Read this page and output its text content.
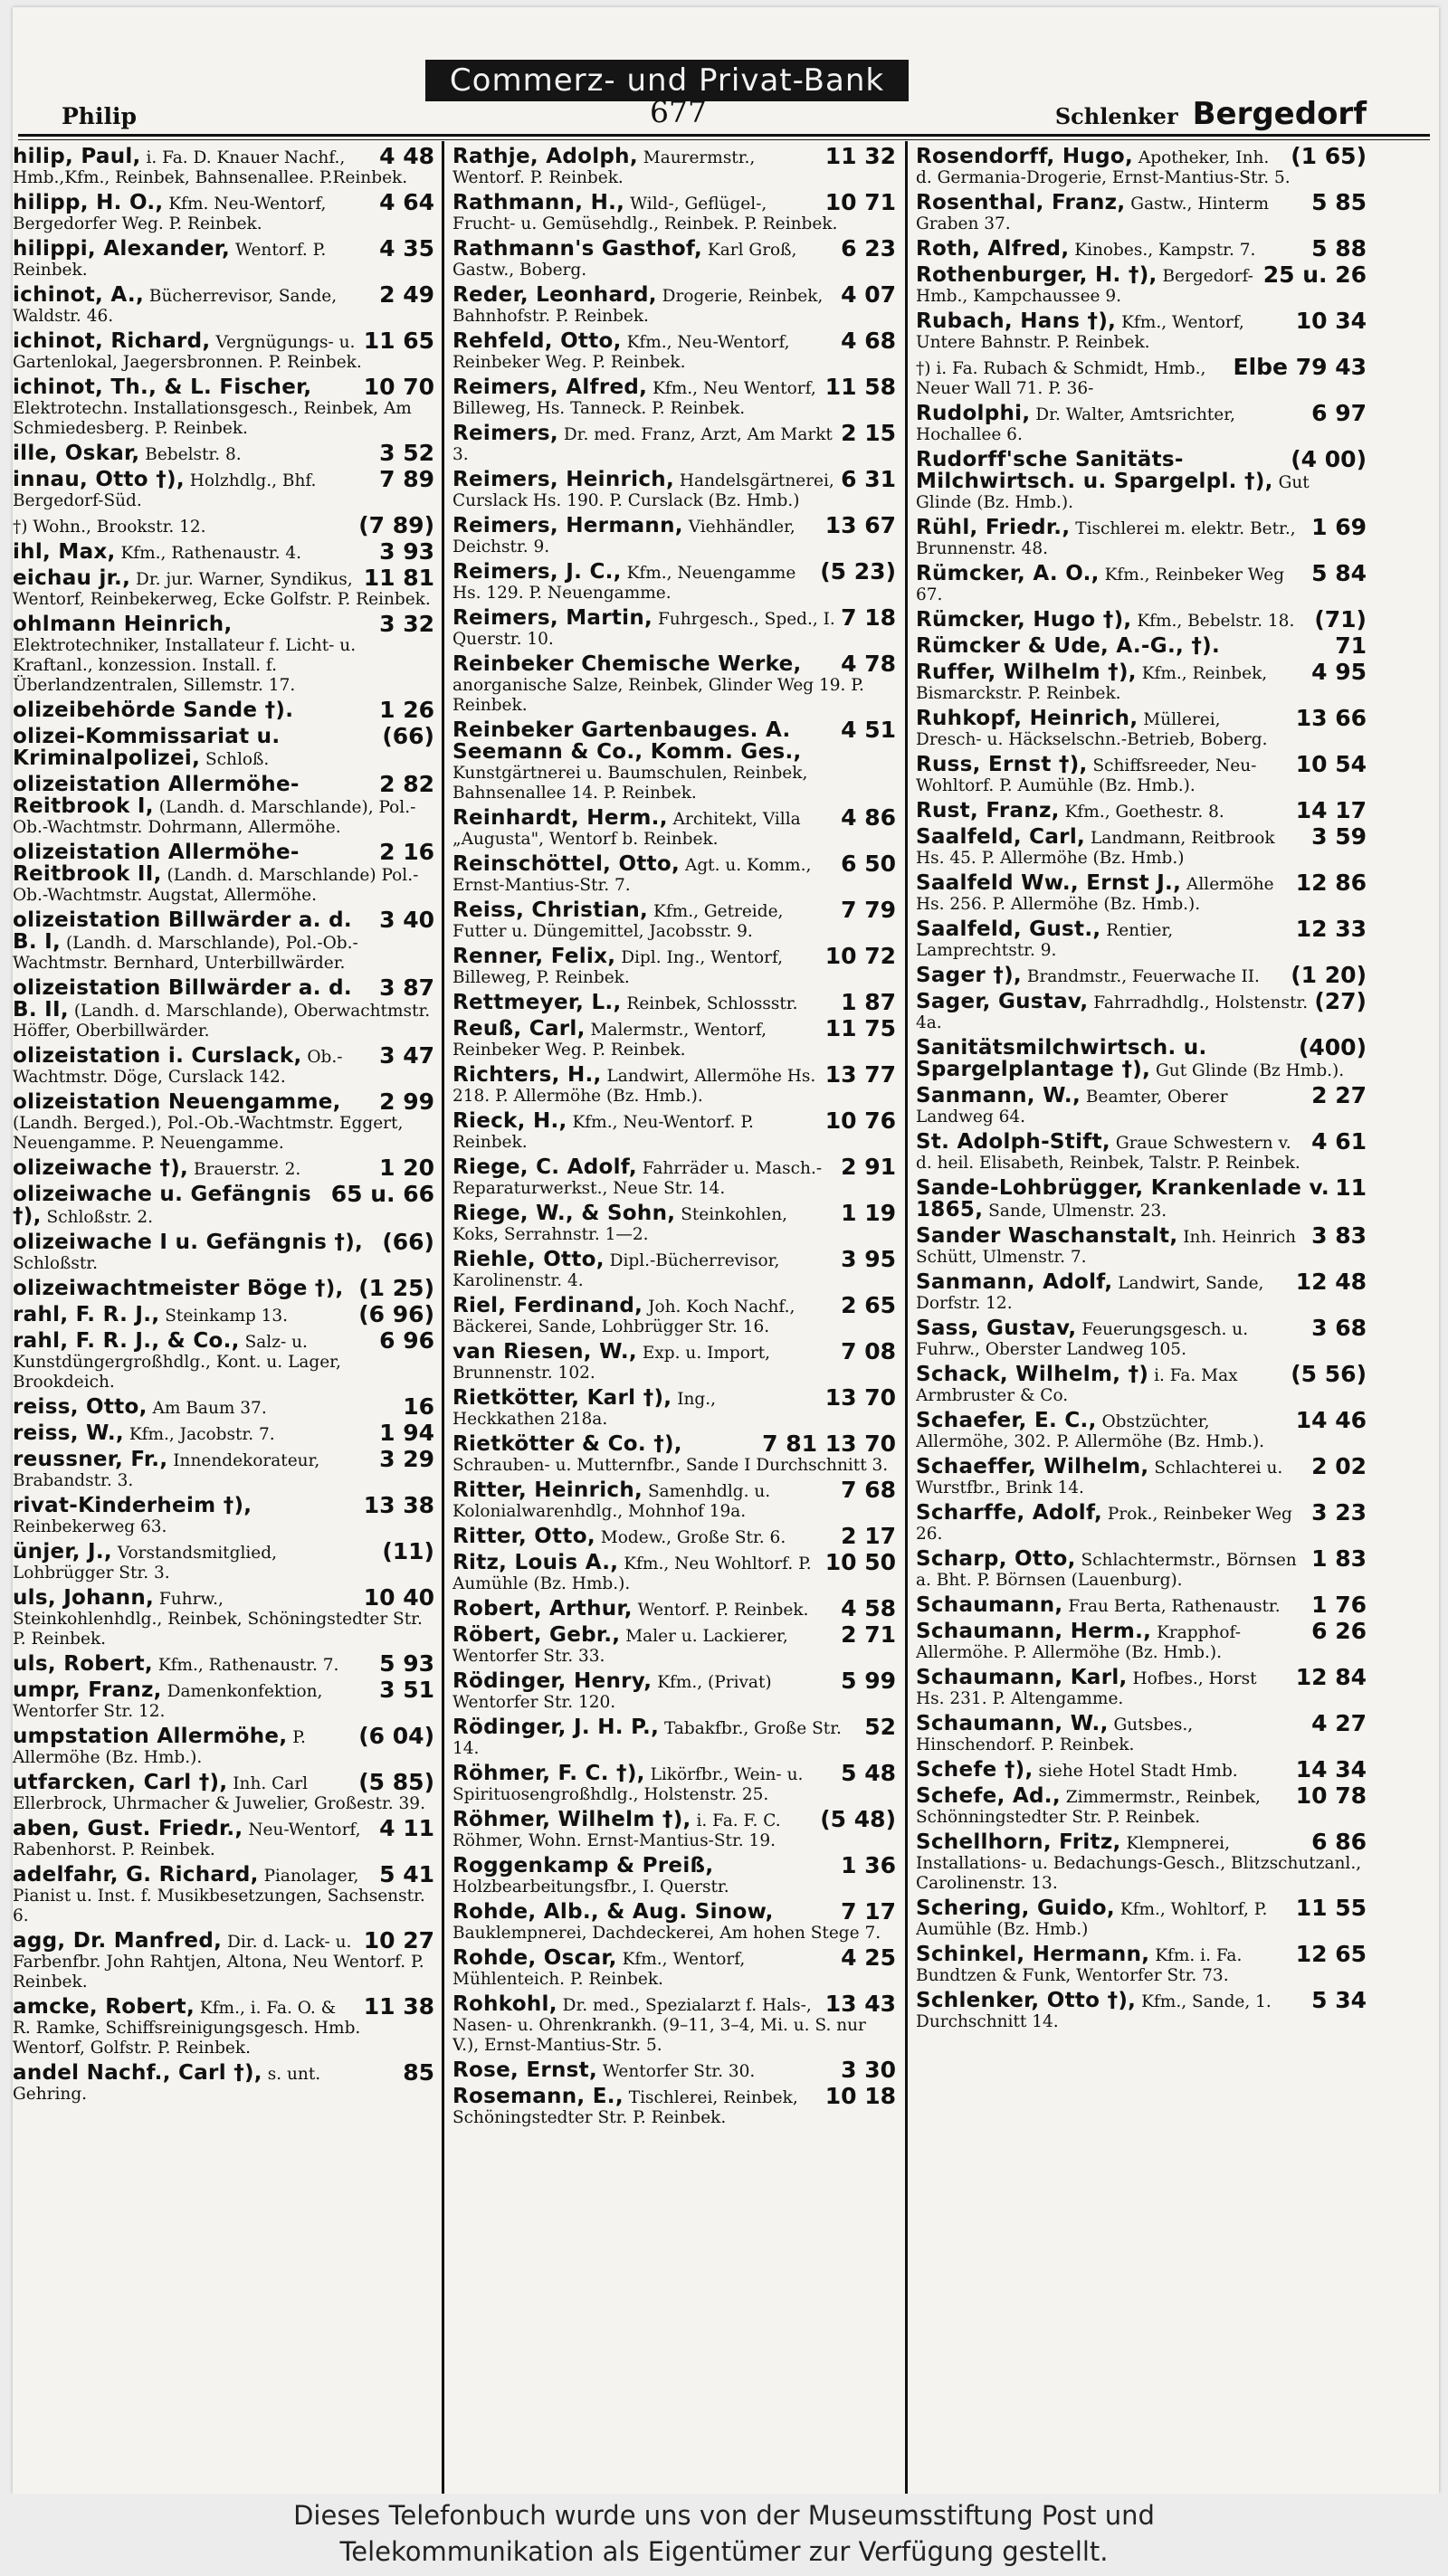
Commerz- und Privat-Bank
Philip	677	Schlenker Bergedorf
4 48
hilip, Paul, i. Fa. D. Knauer Nachf., Hmb.,Kfm., Reinbek, Bahnsenallee. P.Reinbek.
4 64
hilipp, H. O., Kfm. Neu-Wentorf, Bergedorfer Weg. P. Reinbek.
4 35
hilippi, Alexander, Wentorf. P. Reinbek.
2 49
ichinot, A., Bücherrevisor, Sande, Waldstr. 46.
11 65
ichinot, Richard, Vergnügungs- u. Gartenlokal, Jaegersbronnen. P. Reinbek.
10 70
ichinot, Th., & L. Fischer, Elektrotechn. Installationsgesch., Reinbek, Am Schmiedesberg. P. Reinbek.
3 52
ille, Oskar, Bebelstr. 8.
7 89
innau, Otto †), Holzhdlg., Bhf. Bergedorf-Süd.
(7 89)
†) Wohn., Brookstr. 12.
3 93
ihl, Max, Kfm., Rathenaustr. 4.
11 81
eichau jr., Dr. jur. Warner, Syndikus, Wentorf, Reinbekerweg, Ecke Golfstr. P. Reinbek.
3 32
ohlmann Heinrich, Elektrotechniker, Installateur f. Licht- u. Kraftanl., konzession. Install. f. Überlandzentralen, Sillemstr. 17.
1 26
olizeibehörde Sande †).
(66)
olizei-Kommissariat u. Kriminalpolizei, Schloß.
2 82
olizeistation Allermöhe-Reitbrook I, (Landh. d. Marschlande), Pol.-Ob.-Wachtmstr. Dohrmann, Allermöhe.
2 16
olizeistation Allermöhe-Reitbrook II, (Landh. d. Marschlande) Pol.-Ob.-Wachtmstr. Augstat, Allermöhe.
3 40
olizeistation Billwärder a. d. B. I, (Landh. d. Marschlande), Pol.-Ob.-Wachtmstr. Bernhard, Unterbillwärder.
3 87
olizeistation Billwärder a. d. B. II, (Landh. d. Marschlande), Oberwachtmstr. Höffer, Oberbillwärder.
3 47
olizeistation i. Curslack, Ob.-Wachtmstr. Döge, Curslack 142.
2 99
olizeistation Neuengamme, (Landh. Berged.), Pol.-Ob.-Wachtmstr. Eggert, Neuengamme. P. Neuengamme.
1 20
olizeiwache †), Brauerstr. 2.
65 u. 66
olizeiwache u. Gefängnis †), Schloßstr. 2.
(66)
olizeiwache I u. Gefängnis †), Schloßstr.
(1 25)
olizeiwachtmeister Böge †),
(6 96)
rahl, F. R. J., Steinkamp 13.
6 96
rahl, F. R. J., & Co., Salz- u. Kunstdüngergroßhdlg., Kont. u. Lager, Brookdeich.
16
reiss, Otto, Am Baum 37.
1 94
reiss, W., Kfm., Jacobstr. 7.
3 29
reussner, Fr., Innendekorateur, Brabandstr. 3.
13 38
rivat-Kinderheim †), Reinbekerweg 63.
(11)
ünjer, J., Vorstandsmitglied, Lohbrügger Str. 3.
10 40
uls, Johann, Fuhrw., Steinkohlenhdlg., Reinbek, Schöningstedter Str. P. Reinbek.
5 93
uls, Robert, Kfm., Rathenaustr. 7.
3 51
umpr, Franz, Damenkonfektion, Wentorfer Str. 12.
(6 04)
umpstation Allermöhe, P. Allermöhe (Bz. Hmb.).
(5 85)
utfarcken, Carl †), Inh. Carl Ellerbrock, Uhrmacher & Juwelier, Großestr. 39.
4 11
aben, Gust. Friedr., Neu-Wentorf, Rabenhorst. P. Reinbek.
5 41
adelfahr, G. Richard, Pianolager, Pianist u. Inst. f. Musikbesetzungen, Sachsenstr. 6.
10 27
agg, Dr. Manfred, Dir. d. Lack- u. Farbenfbr. John Rahtjen, Altona, Neu Wentorf. P. Reinbek.
11 38
amcke, Robert, Kfm., i. Fa. O. & R. Ramke, Schiffsreinigungsgesch. Hmb. Wentorf, Golfstr. P. Reinbek.
85
andel Nachf., Carl †), s. unt. Gehring.
11 32
Rathje, Adolph, Maurermstr., Wentorf. P. Reinbek.
10 71
Rathmann, H., Wild-, Geflügel-, Frucht- u. Gemüsehdlg., Reinbek. P. Reinbek.
6 23
Rathmann's Gasthof, Karl Groß, Gastw., Boberg.
4 07
Reder, Leonhard, Drogerie, Reinbek, Bahnhofstr. P. Reinbek.
4 68
Rehfeld, Otto, Kfm., Neu-Wentorf, Reinbeker Weg. P. Reinbek.
11 58
Reimers, Alfred, Kfm., Neu Wentorf, Billeweg, Hs. Tanneck. P. Reinbek.
2 15
Reimers, Dr. med. Franz, Arzt, Am Markt 3.
6 31
Reimers, Heinrich, Handelsgärtnerei, Curslack Hs. 190. P. Curslack (Bz. Hmb.)
13 67
Reimers, Hermann, Viehhändler, Deichstr. 9.
(5 23)
Reimers, J. C., Kfm., Neuengamme Hs. 129. P. Neuengamme.
7 18
Reimers, Martin, Fuhrgesch., Sped., I. Querstr. 10.
4 78
Reinbeker Chemische Werke, anorganische Salze, Reinbek, Glinder Weg 19. P. Reinbek.
4 51
Reinbeker Gartenbauges. A. Seemann & Co., Komm. Ges., Kunstgärtnerei u. Baumschulen, Reinbek, Bahnsenallee 14. P. Reinbek.
4 86
Reinhardt, Herm., Architekt, Villa „Augusta", Wentorf b. Reinbek.
6 50
Reinschöttel, Otto, Agt. u. Komm., Ernst-Mantius-Str. 7.
7 79
Reiss, Christian, Kfm., Getreide, Futter u. Düngemittel, Jacobsstr. 9.
10 72
Renner, Felix, Dipl. Ing., Wentorf, Billeweg, P. Reinbek.
1 87
Rettmeyer, L., Reinbek, Schlossstr.
11 75
Reuß, Carl, Malermstr., Wentorf, Reinbeker Weg. P. Reinbek.
13 77
Richters, H., Landwirt, Allermöhe Hs. 218. P. Allermöhe (Bz. Hmb.).
10 76
Rieck, H., Kfm., Neu-Wentorf. P. Reinbek.
2 91
Riege, C. Adolf, Fahrräder u. Masch.-Reparaturwerkst., Neue Str. 14.
1 19
Riege, W., & Sohn, Steinkohlen, Koks, Serrahnstr. 1—2.
3 95
Riehle, Otto, Dipl.-Bücherrevisor, Karolinenstr. 4.
2 65
Riel, Ferdinand, Joh. Koch Nachf., Bäckerei, Sande, Lohbrügger Str. 16.
7 08
van Riesen, W., Exp. u. Import, Brunnenstr. 102.
13 70
Rietkötter, Karl †), Ing., Heckkathen 218a.
7 81 13 70
Rietkötter & Co. †), Schrauben- u. Mutternfbr., Sande I Durchschnitt 3.
7 68
Ritter, Heinrich, Samenhdlg. u. Kolonialwarenhdlg., Mohnhof 19a.
2 17
Ritter, Otto, Modew., Große Str. 6.
10 50
Ritz, Louis A., Kfm., Neu Wohltorf. P. Aumühle (Bz. Hmb.).
4 58
Robert, Arthur, Wentorf. P. Reinbek.
2 71
Röbert, Gebr., Maler u. Lackierer, Wentorfer Str. 33.
5 99
Rödinger, Henry, Kfm., (Privat) Wentorfer Str. 120.
52
Rödinger, J. H. P., Tabakfbr., Große Str. 14.
5 48
Röhmer, F. C. †), Likörfbr., Wein- u. Spirituosengroßhdlg., Holstenstr. 25.
(5 48)
Röhmer, Wilhelm †), i. Fa. F. C. Röhmer, Wohn. Ernst-Mantius-Str. 19.
1 36
Roggenkamp & Preiß, Holzbearbeitungsfbr., I. Querstr.
7 17
Rohde, Alb., & Aug. Sinow, Bauklempnerei, Dachdeckerei, Am hohen Stege 7.
4 25
Rohde, Oscar, Kfm., Wentorf, Mühlenteich. P. Reinbek.
13 43
Rohkohl, Dr. med., Spezialarzt f. Hals-, Nasen- u. Ohrenkrankh. (9–11, 3–4, Mi. u. S. nur V.), Ernst-Mantius-Str. 5.
3 30
Rose, Ernst, Wentorfer Str. 30.
10 18
Rosemann, E., Tischlerei, Reinbek, Schöningstedter Str. P. Reinbek.
(1 65)
Rosendorff, Hugo, Apotheker, Inh. d. Germania-Drogerie, Ernst-Mantius-Str. 5.
5 85
Rosenthal, Franz, Gastw., Hinterm Graben 37.
5 88
Roth, Alfred, Kinobes., Kampstr. 7.
25 u. 26
Rothenburger, H. †), Bergedorf-Hmb., Kampchaussee 9.
10 34
Rubach, Hans †), Kfm., Wentorf, Untere Bahnstr. P. Reinbek.
Elbe 79 43
†) i. Fa. Rubach & Schmidt, Hmb., Neuer Wall 71. P. 36-
6 97
Rudolphi, Dr. Walter, Amtsrichter, Hochallee 6.
(4 00)
Rudorff'sche Sanitäts-Milchwirtsch. u. Spargelpl. †), Gut Glinde (Bz. Hmb.).
1 69
Rühl, Friedr., Tischlerei m. elektr. Betr., Brunnenstr. 48.
5 84
Rümcker, A. O., Kfm., Reinbeker Weg 67.
(71)
Rümcker, Hugo †), Kfm., Bebelstr. 18.
71
Rümcker & Ude, A.-G., †).
4 95
Ruffer, Wilhelm †), Kfm., Reinbek, Bismarckstr. P. Reinbek.
13 66
Ruhkopf, Heinrich, Müllerei, Dresch- u. Häckselschn.-Betrieb, Boberg.
10 54
Russ, Ernst †), Schiffsreeder, Neu-Wohltorf. P. Aumühle (Bz. Hmb.).
14 17
Rust, Franz, Kfm., Goethestr. 8.
3 59
Saalfeld, Carl, Landmann, Reitbrook Hs. 45. P. Allermöhe (Bz. Hmb.)
12 86
Saalfeld Ww., Ernst J., Allermöhe Hs. 256. P. Allermöhe (Bz. Hmb.).
12 33
Saalfeld, Gust., Rentier, Lamprechtstr. 9.
(1 20)
Sager †), Brandmstr., Feuerwache II.
(27)
Sager, Gustav, Fahrradhdlg., Holstenstr. 4a.
(400)
Sanitätsmilchwirtsch. u. Spargelplantage †), Gut Glinde (Bz Hmb.).
2 27
Sanmann, W., Beamter, Oberer Landweg 64.
4 61
St. Adolph-Stift, Graue Schwestern v. d. heil. Elisabeth, Reinbek, Talstr. P. Reinbek.
11
Sande-Lohbrügger, Krankenlade v. 1865, Sande, Ulmenstr. 23.
3 83
Sander Waschanstalt, Inh. Heinrich Schütt, Ulmenstr. 7.
12 48
Sanmann, Adolf, Landwirt, Sande, Dorfstr. 12.
3 68
Sass, Gustav, Feuerungsgesch. u. Fuhrw., Oberster Landweg 105.
(5 56)
Schack, Wilhelm, †) i. Fa. Max Armbruster & Co.
14 46
Schaefer, E. C., Obstzüchter, Allermöhe, 302. P. Allermöhe (Bz. Hmb.).
2 02
Schaeffer, Wilhelm, Schlachterei u. Wurstfbr., Brink 14.
3 23
Scharffe, Adolf, Prok., Reinbeker Weg 26.
1 83
Scharp, Otto, Schlachtermstr., Börnsen a. Bht. P. Börnsen (Lauenburg).
1 76
Schaumann, Frau Berta, Rathenaustr.
6 26
Schaumann, Herm., Krapphof-Allermöhe. P. Allermöhe (Bz. Hmb.).
12 84
Schaumann, Karl, Hofbes., Horst Hs. 231. P. Altengamme.
4 27
Schaumann, W., Gutsbes., Hinschendorf. P. Reinbek.
14 34
Schefe †), siehe Hotel Stadt Hmb.
10 78
Schefe, Ad., Zimmermstr., Reinbek, Schönningstedter Str. P. Reinbek.
6 86
Schellhorn, Fritz, Klempnerei, Installations- u. Bedachungs-Gesch., Blitzschutzanl., Carolinenstr. 13.
11 55
Schering, Guido, Kfm., Wohltorf, P. Aumühle (Bz. Hmb.)
12 65
Schinkel, Hermann, Kfm. i. Fa. Bundtzen & Funk, Wentorfer Str. 73.
5 34
Schlenker, Otto †), Kfm., Sande, 1. Durchschnitt 14.
Dieses Telefonbuch wurde uns von der Museumsstiftung Post und
Telekommunikation als Eigentümer zur Verfügung gestellt.
